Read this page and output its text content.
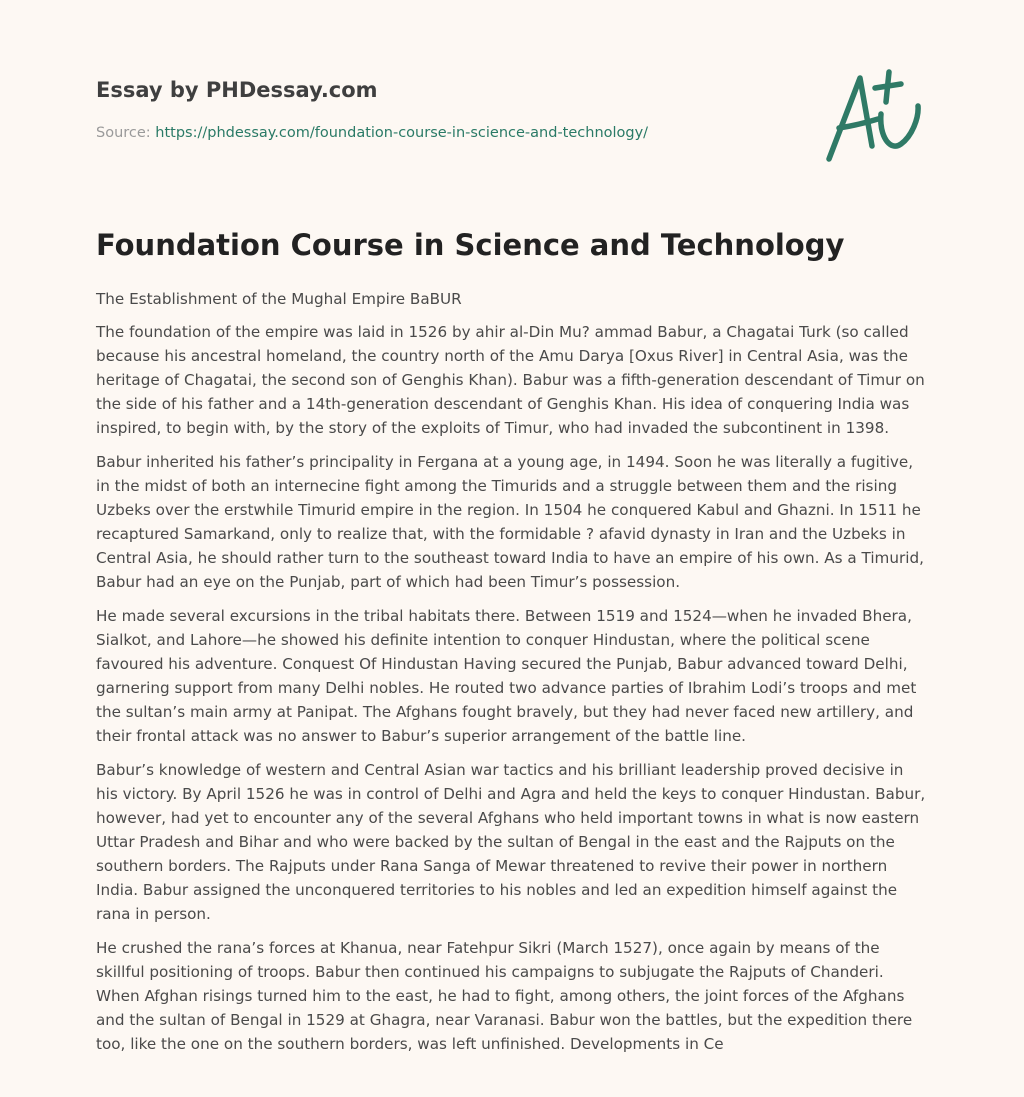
Essay by PHDessay.com

Source: https://phdessay.com/foundation-course-in-science-and-technology/

Foundation Course in Science and Technology

The Establishment of the Mughal Empire BaBUR

The foundation of the empire was laid in 1526 by ahir al-Din Mu? ammad Babur, a Chagatai Turk (so called because his ancestral homeland, the country north of the Amu Darya [Oxus River] in Central Asia, was the heritage of Chagatai, the second son of Genghis Khan). Babur was a fifth-generation descendant of Timur on the side of his father and a 14th-generation descendant of Genghis Khan. His idea of conquering India was inspired, to begin with, by the story of the exploits of Timur, who had invaded the subcontinent in 1398.

Babur inherited his father’s principality in Fergana at a young age, in 1494. Soon he was literally a fugitive, in the midst of both an internecine fight among the Timurids and a struggle between them and the rising Uzbeks over the erstwhile Timurid empire in the region. In 1504 he conquered Kabul and Ghazni. In 1511 he recaptured Samarkand, only to realize that, with the formidable ? afavid dynasty in Iran and the Uzbeks in Central Asia, he should rather turn to the southeast toward India to have an empire of his own. As a Timurid, Babur had an eye on the Punjab, part of which had been Timur’s possession.

He made several excursions in the tribal habitats there. Between 1519 and 1524—when he invaded Bhera, Sialkot, and Lahore—he showed his definite intention to conquer Hindustan, where the political scene favoured his adventure. Conquest Of Hindustan Having secured the Punjab, Babur advanced toward Delhi, garnering support from many Delhi nobles. He routed two advance parties of Ibrahim Lodi’s troops and met the sultan’s main army at Panipat. The Afghans fought bravely, but they had never faced new artillery, and their frontal attack was no answer to Babur’s superior arrangement of the battle line.

Babur’s knowledge of western and Central Asian war tactics and his brilliant leadership proved decisive in his victory. By April 1526 he was in control of Delhi and Agra and held the keys to conquer Hindustan. Babur, however, had yet to encounter any of the several Afghans who held important towns in what is now eastern Uttar Pradesh and Bihar and who were backed by the sultan of Bengal in the east and the Rajputs on the southern borders. The Rajputs under Rana Sanga of Mewar threatened to revive their power in northern India. Babur assigned the unconquered territories to his nobles and led an expedition himself against the rana in person.

He crushed the rana’s forces at Khanua, near Fatehpur Sikri (March 1527), once again by means of the skillful positioning of troops. Babur then continued his campaigns to subjugate the Rajputs of Chanderi. When Afghan risings turned him to the east, he had to fight, among others, the joint forces of the Afghans and the sultan of Bengal in 1529 at Ghagra, near Varanasi. Babur won the battles, but the expedition there too, like the one on the southern borders, was left unfinished. Developments in Ce
